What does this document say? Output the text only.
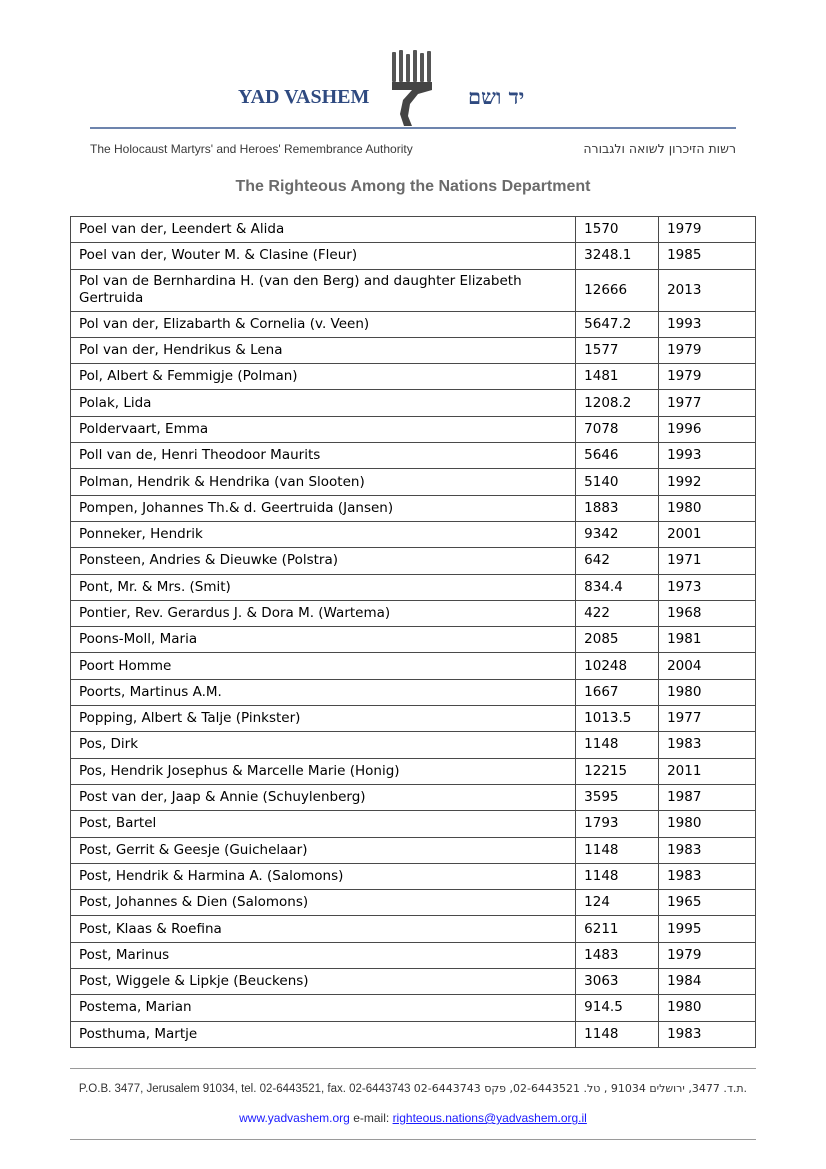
YAD VASHEM	יד ושם
The Holocaust Martyrs' and Heroes' Remembrance Authority	רשות הזיכרון לשואה ולגבורה
The Righteous Among the Nations Department
Poel van der, Leendert & Alida	1570	1979
Poel van der, Wouter M. & Clasine (Fleur)	3248.1	1985
Pol van de Bernhardina H. (van den Berg) and daughter Elizabeth Gertruida	12666	2013
Pol van der, Elizabarth & Cornelia (v. Veen)	5647.2	1993
Pol van der, Hendrikus & Lena	1577	1979
Pol, Albert & Femmigje (Polman)	1481	1979
Polak, Lida	1208.2	1977
Poldervaart, Emma	7078	1996
Poll van de, Henri Theodoor Maurits	5646	1993
Polman, Hendrik & Hendrika (van Slooten)	5140	1992
Pompen, Johannes Th.& d. Geertruida (Jansen)	1883	1980
Ponneker, Hendrik	9342	2001
Ponsteen, Andries & Dieuwke (Polstra)	642	1971
Pont, Mr. & Mrs. (Smit)	834.4	1973
Pontier, Rev. Gerardus J. & Dora M. (Wartema)	422	1968
Poons-Moll, Maria	2085	1981
Poort Homme	10248	2004
Poorts, Martinus A.M.	1667	1980
Popping, Albert & Talje (Pinkster)	1013.5	1977
Pos, Dirk	1148	1983
Pos, Hendrik Josephus & Marcelle Marie (Honig)	12215	2011
Post van der, Jaap & Annie (Schuylenberg)	3595	1987
Post, Bartel	1793	1980
Post, Gerrit & Geesje (Guichelaar)	1148	1983
Post, Hendrik & Harmina A. (Salomons)	1148	1983
Post, Johannes & Dien (Salomons)	124	1965
Post, Klaas & Roefina	6211	1995
Post, Marinus	1483	1979
Post, Wiggele & Lipkje (Beuckens)	3063	1984
Postema, Marian	914.5	1980
Posthuma, Martje	1148	1983
P.O.B. 3477, Jerusalem 91034, tel. 02-6443521, fax. 02-6443743 .ת.ד. 3477, ירושלים 91034 , טל. 02-6443521, פקס 02-6443743
www.yadvashem.org e-mail: righteous.nations@yadvashem.org.il
